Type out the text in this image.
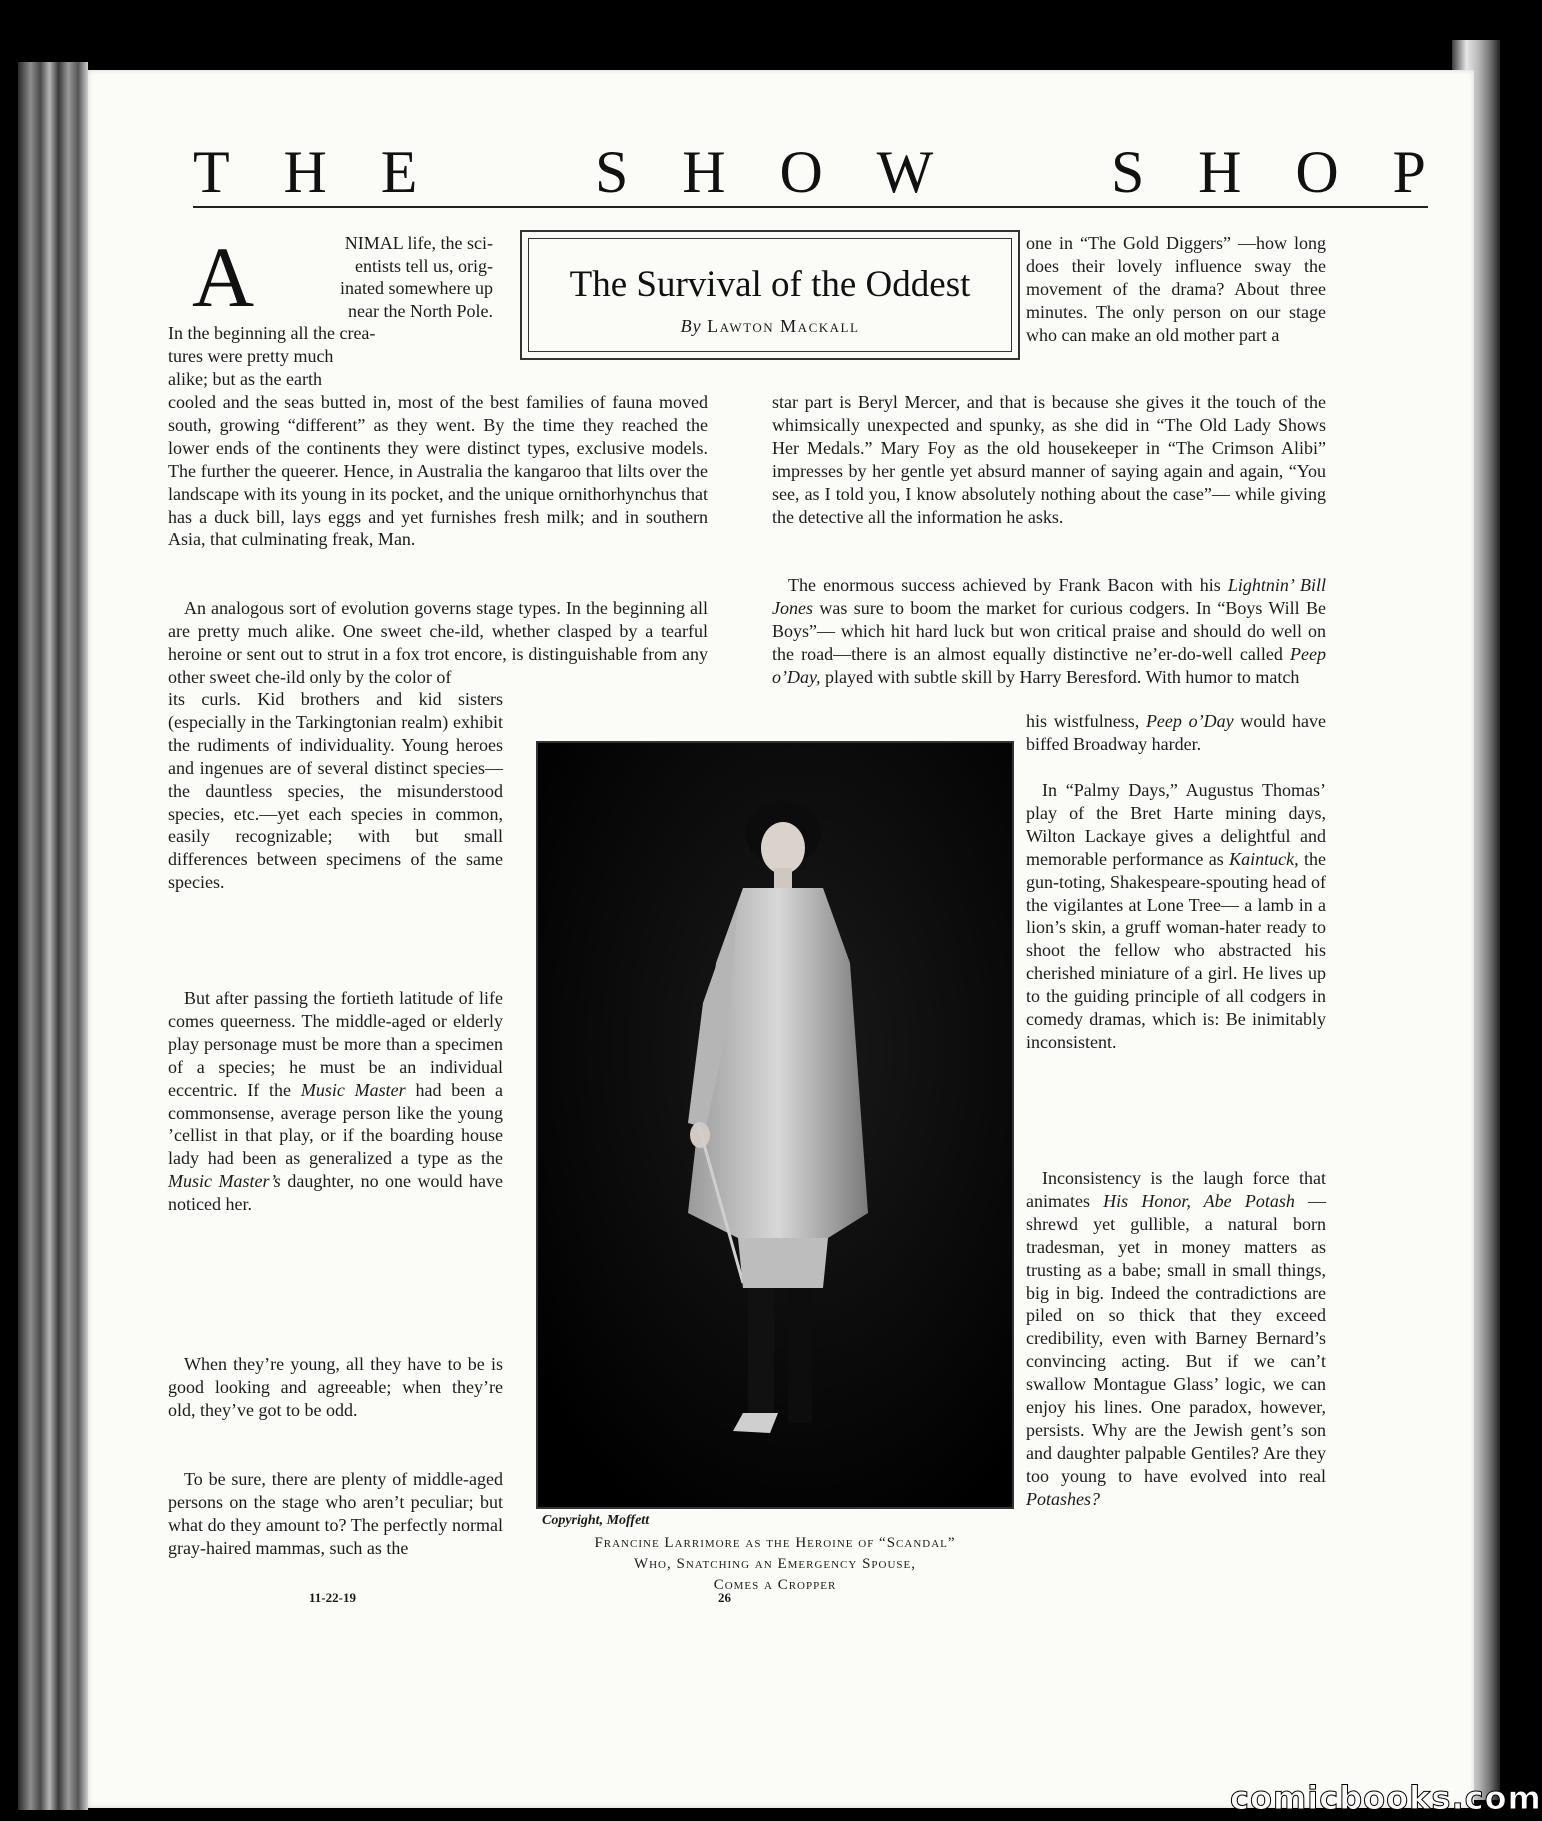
T H E	S H O W	S H O P
The Survival of the Oddest
By Lawton Mackall
A	NIMAL life, the sci-
entists tell us, orig-
inated somewhere up
near the North Pole.
In the beginning all the crea-
tures were pretty much
alike; but as the earth
cooled and the seas butted in, most of the best families of fauna moved south, growing “different” as they went. By the time they reached the lower ends of the continents they were distinct types, exclusive models. The further the queerer. Hence, in Australia the kangaroo that lilts over the landscape with its young in its pocket, and the unique ornithorhynchus that has a duck bill, lays eggs and yet furnishes fresh milk; and in southern Asia, that culminating freak, Man.
An analogous sort of evolution governs stage types. In the beginning all are pretty much alike. One sweet che-ild, whether clasped by a tearful heroine or sent out to strut in a fox trot encore, is distinguishable from any other sweet che-ild only by the color of
its curls. Kid brothers and kid sisters (especially in the Tarkingtonian realm) exhibit the rudiments of individuality. Young heroes and ingenues are of several distinct species—the dauntless species, the misunderstood species, etc.—yet each species in common, easily recognizable; with but small differences between specimens of the same species.
But after passing the fortieth latitude of life comes queerness. The middle-aged or elderly play personage must be more than a specimen of a species; he must be an individual eccentric. If the Music Master had been a commonsense, average person like the young ’cellist in that play, or if the boarding house lady had been as generalized a type as the Music Master’s daughter, no one would have noticed her.
When they’re young, all they have to be is good looking and agreeable; when they’re old, they’ve got to be odd.
To be sure, there are plenty of middle-aged persons on the stage who aren’t peculiar; but what do they amount to? The perfectly normal gray-haired mammas, such as the
one in “The Gold Diggers” —how long does their lovely influence sway the movement of the drama? About three minutes. The only person on our stage who can make an old mother part a
star part is Beryl Mercer, and that is because she gives it the touch of the whimsically unexpected and spunky, as she did in “The Old Lady Shows Her Medals.” Mary Foy as the old housekeeper in “The Crimson Alibi” impresses by her gentle yet absurd manner of saying again and again, “You see, as I told you, I know absolutely nothing about the case”— while giving the detective all the information he asks.
The enormous success achieved by Frank Bacon with his Lightnin’ Bill Jones was sure to boom the market for curious codgers. In “Boys Will Be Boys”— which hit hard luck but won critical praise and should do well on the road—there is an almost equally distinctive ne’er-do-well called Peep o’Day, played with subtle skill by Harry Beresford. With humor to match
his wistfulness, Peep o’Day would have biffed Broadway harder.
In “Palmy Days,” Augustus Thomas’ play of the Bret Harte mining days, Wilton Lackaye gives a delightful and memorable performance as Kaintuck, the gun-toting, Shakespeare-spouting head of the vigilantes at Lone Tree— a lamb in a lion’s skin, a gruff woman-hater ready to shoot the fellow who abstracted his cherished miniature of a girl. He lives up to the guiding principle of all codgers in comedy dramas, which is: Be inimitably inconsistent.
Inconsistency is the laugh force that animates His Honor, Abe Potash —shrewd yet gullible, a natural born tradesman, yet in money matters as trusting as a babe; small in small things, big in big. Indeed the contradictions are piled on so thick that they exceed credibility, even with Barney Bernard’s convincing acting. But if we can’t swallow Montague Glass’ logic, we can enjoy his lines. One paradox, however, persists. Why are the Jewish gent’s son and daughter palpable Gentiles? Are they too young to have evolved into real Potashes?
Copyright, Moffett
Francine Larrimore as the Heroine of “Scandal”
Who, Snatching an Emergency Spouse,
Comes a Cropper
11-22-19	26
comicbooks.com
